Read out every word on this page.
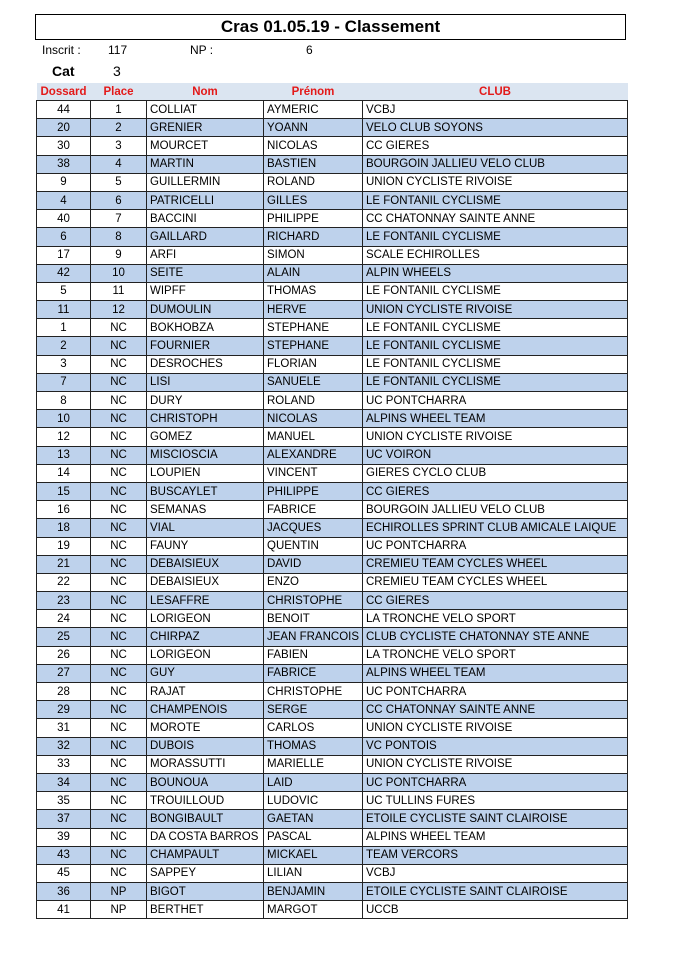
Cras 01.05.19 - Classement
Inscrit : 117	NP :	6
Cat	3
Dossard	Place	Nom	Prénom	CLUB
44	1	COLLIAT	AYMERIC	VCBJ
20	2	GRENIER	YOANN	VELO CLUB SOYONS
30	3	MOURCET	NICOLAS	CC GIERES
38	4	MARTIN	BASTIEN	BOURGOIN JALLIEU VELO CLUB
9	5	GUILLERMIN	ROLAND	UNION CYCLISTE RIVOISE
4	6	PATRICELLI	GILLES	LE FONTANIL CYCLISME
40	7	BACCINI	PHILIPPE	CC CHATONNAY SAINTE ANNE
6	8	GAILLARD	RICHARD	LE FONTANIL CYCLISME
17	9	ARFI	SIMON	SCALE ECHIROLLES
42	10	SEITE	ALAIN	ALPIN WHEELS
5	11	WIPFF	THOMAS	LE FONTANIL CYCLISME
11	12	DUMOULIN	HERVE	UNION CYCLISTE RIVOISE
1	NC	BOKHOBZA	STEPHANE	LE FONTANIL CYCLISME
2	NC	FOURNIER	STEPHANE	LE FONTANIL CYCLISME
3	NC	DESROCHES	FLORIAN	LE FONTANIL CYCLISME
7	NC	LISI	SANUELE	LE FONTANIL CYCLISME
8	NC	DURY	ROLAND	UC PONTCHARRA
10	NC	CHRISTOPH	NICOLAS	ALPINS WHEEL TEAM
12	NC	GOMEZ	MANUEL	UNION CYCLISTE RIVOISE
13	NC	MISCIOSCIA	ALEXANDRE	UC VOIRON
14	NC	LOUPIEN	VINCENT	GIERES CYCLO CLUB
15	NC	BUSCAYLET	PHILIPPE	CC GIERES
16	NC	SEMANAS	FABRICE	BOURGOIN JALLIEU VELO CLUB
18	NC	VIAL	JACQUES	ECHIROLLES SPRINT CLUB AMICALE LAIQUE
19	NC	FAUNY	QUENTIN	UC PONTCHARRA
21	NC	DEBAISIEUX	DAVID	CREMIEU TEAM CYCLES WHEEL
22	NC	DEBAISIEUX	ENZO	CREMIEU TEAM CYCLES WHEEL
23	NC	LESAFFRE	CHRISTOPHE	CC GIERES
24	NC	LORIGEON	BENOIT	LA TRONCHE VELO SPORT
25	NC	CHIRPAZ	JEAN FRANCOIS	CLUB CYCLISTE CHATONNAY STE ANNE
26	NC	LORIGEON	FABIEN	LA TRONCHE VELO SPORT
27	NC	GUY	FABRICE	ALPINS WHEEL TEAM
28	NC	RAJAT	CHRISTOPHE	UC PONTCHARRA
29	NC	CHAMPENOIS	SERGE	CC CHATONNAY SAINTE ANNE
31	NC	MOROTE	CARLOS	UNION CYCLISTE RIVOISE
32	NC	DUBOIS	THOMAS	VC PONTOIS
33	NC	MORASSUTTI	MARIELLE	UNION CYCLISTE RIVOISE
34	NC	BOUNOUA	LAID	UC PONTCHARRA
35	NC	TROUILLOUD	LUDOVIC	UC TULLINS FURES
37	NC	BONGIBAULT	GAETAN	ETOILE CYCLISTE SAINT CLAIROISE
39	NC	DA COSTA BARROS	PASCAL	ALPINS WHEEL TEAM
43	NC	CHAMPAULT	MICKAEL	TEAM VERCORS
45	NC	SAPPEY	LILIAN	VCBJ
36	NP	BIGOT	BENJAMIN	ETOILE CYCLISTE SAINT CLAIROISE
41	NP	BERTHET	MARGOT	UCCB
